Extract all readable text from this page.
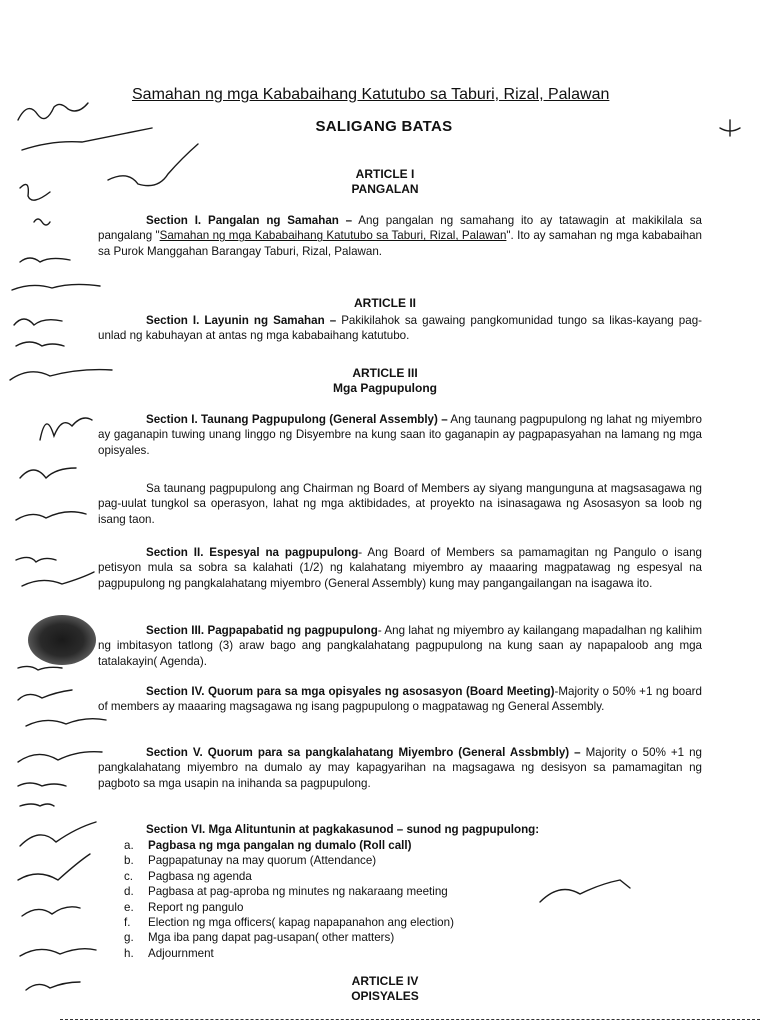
Samahan ng mga Kababaihang Katutubo sa Taburi, Rizal, Palawan
SALIGANG BATAS
ARTICLE I
PANGALAN
Section I. Pangalan ng Samahan – Ang pangalan ng samahang ito ay tatawagin at makikilala sa pangalang "Samahan ng mga Kababaihang Katutubo sa Taburi, Rizal, Palawan". Ito ay samahan ng mga kababaihan sa Purok Manggahan Barangay Taburi, Rizal, Palawan.
ARTICLE II
Section I. Layunin ng Samahan – Pakikilahok sa gawaing pangkomunidad tungo sa likas-kayang pag-unlad ng kabuhayan at antas ng mga kababaihang katutubo.
ARTICLE III
Mga Pagpupulong
Section I. Taunang Pagpupulong (General Assembly) – Ang taunang pagpupulong ng lahat ng miyembro ay gaganapin tuwing unang linggo ng Disyembre na kung saan ito gaganapin ay pagpapasyahan na lamang ng mga opisyales.
Sa taunang pagpupulong ang Chairman ng Board of Members ay siyang mangunguna at magsasagawa ng pag-uulat tungkol sa operasyon, lahat ng mga aktibidades, at proyekto na isinasagawa ng Asosasyon sa loob ng isang taon.
Section II. Espesyal na pagpupulong- Ang Board of Members sa pamamagitan ng Pangulo o isang petisyon mula sa sobra sa kalahati (1/2) ng kalahatang miyembro ay maaaring magpatawag ng espesyal na pagpupulong ng pangkalahatang miyembro (General Assembly) kung may pangangailangan na isagawa ito.
Section III. Pagpapabatid ng pagpupulong- Ang lahat ng miyembro ay kailangang mapadalhan ng kalihim ng imbitasyon tatlong (3) araw bago ang pangkalahatang pagpupulong na kung saan ay napapaloob ang mga tatalakayin( Agenda).
Section IV. Quorum para sa mga opisyales ng asosasyon (Board Meeting)-Majority o 50% +1 ng board of members ay maaaring magsagawa ng isang pagpupulong o magpatawag ng General Assembly.
Section V. Quorum para sa pangkalahatang Miyembro (General Assbmbly) – Majority o 50% +1 ng pangkalahatang miyembro na dumalo ay may kapagyarihan na magsagawa ng desisyon sa pamamagitan ng pagboto sa mga usapin na inihanda sa pagpupulong.
Section VI. Mga Alituntunin at pagkakasunod – sunod ng pagpupulong:
a.	Pagbasa ng mga pangalan ng dumalo (Roll call)
b.	Pagpapatunay na may quorum (Attendance)
c.	Pagbasa ng agenda
d.	Pagbasa at pag-aproba ng minutes ng nakaraang meeting
e.	Report ng pangulo
f.	Election ng mga officers( kapag napapanahon ang election)
g.	Mga iba pang dapat pag-usapan( other matters)
h.	Adjournment
ARTICLE IV
OPISYALES
